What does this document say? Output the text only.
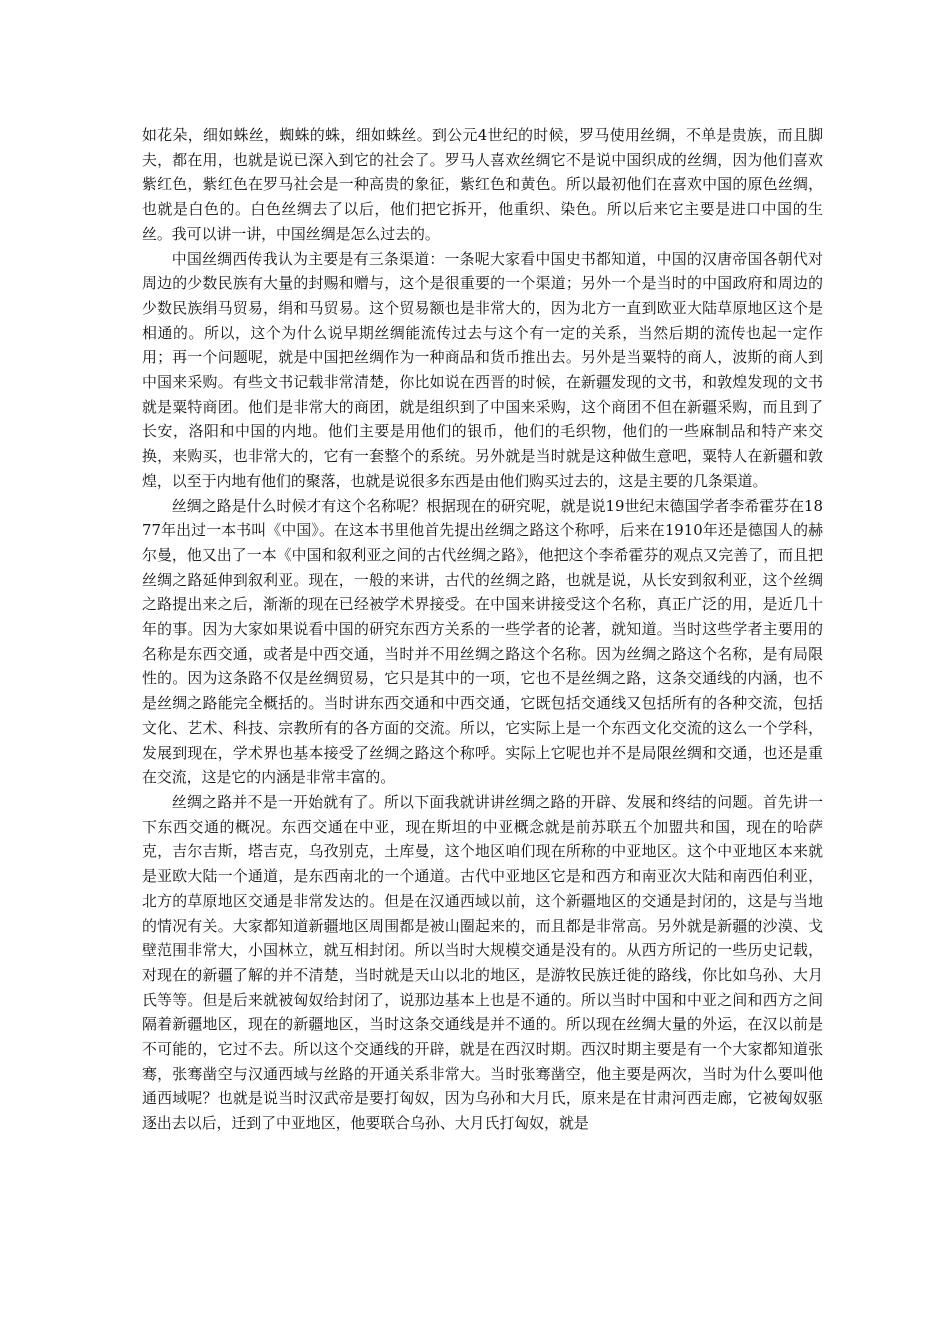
如花朵，细如蛛丝，蜘蛛的蛛，细如蛛丝。到公元4世纪的时候，罗马使用丝绸，不单是贵族，而且脚夫，都在用，也就是说已深入到它的社会了。罗马人喜欢丝绸它不是说中国织成的丝绸，因为他们喜欢紫红色，紫红色在罗马社会是一种高贵的象征，紫红色和黄色。所以最初他们在喜欢中国的原色丝绸，也就是白色的。白色丝绸去了以后，他们把它拆开，他重织、染色。所以后来它主要是进口中国的生丝。我可以讲一讲，中国丝绸是怎么过去的。

中国丝绸西传我认为主要是有三条渠道：一条呢大家看中国史书都知道，中国的汉唐帝国各朝代对周边的少数民族有大量的封赐和赠与，这个是很重要的一个渠道；另外一个是当时的中国政府和周边的少数民族绢马贸易，绢和马贸易。这个贸易额也是非常大的，因为北方一直到欧亚大陆草原地区这个是相通的。所以，这个为什么说早期丝绸能流传过去与这个有一定的关系，当然后期的流传也起一定作用；再一个问题呢，就是中国把丝绸作为一种商品和货币推出去。另外是当粟特的商人，波斯的商人到中国来采购。有些文书记载非常清楚，你比如说在西晋的时候，在新疆发现的文书，和敦煌发现的文书就是粟特商团。他们是非常大的商团，就是组织到了中国来采购，这个商团不但在新疆采购，而且到了长安，洛阳和中国的内地。他们主要是用他们的银币，他们的毛织物，他们的一些麻制品和特产来交换，来购买，也非常大的，它有一套整个的系统。另外就是当时就是这种做生意吧，粟特人在新疆和敦煌，以至于内地有他们的聚落，也就是说很多东西是由他们购买过去的，这是主要的几条渠道。

丝绸之路是什么时候才有这个名称呢？根据现在的研究呢，就是说19世纪末德国学者李希霍芬在1877年出过一本书叫《中国》。在这本书里他首先提出丝绸之路这个称呼，后来在1910年还是德国人的赫尔曼，他又出了一本《中国和叙利亚之间的古代丝绸之路》，他把这个李希霍芬的观点又完善了，而且把丝绸之路延伸到叙利亚。现在，一般的来讲，古代的丝绸之路，也就是说，从长安到叙利亚，这个丝绸之路提出来之后，渐渐的现在已经被学术界接受。在中国来讲接受这个名称，真正广泛的用，是近几十年的事。因为大家如果说看中国的研究东西方关系的一些学者的论著，就知道。当时这些学者主要用的名称是东西交通，或者是中西交通，当时并不用丝绸之路这个名称。因为丝绸之路这个名称，是有局限性的。因为这条路不仅是丝绸贸易，它只是其中的一项，它也不是丝绸之路，这条交通线的内涵，也不是丝绸之路能完全概括的。当时讲东西交通和中西交通，它既包括交通线又包括所有的各种交流，包括文化、艺术、科技、宗教所有的各方面的交流。所以，它实际上是一个东西文化交流的这么一个学科，发展到现在，学术界也基本接受了丝绸之路这个称呼。实际上它呢也并不是局限丝绸和交通，也还是重在交流，这是它的内涵是非常丰富的。

丝绸之路并不是一开始就有了。所以下面我就讲讲丝绸之路的开辟、发展和终结的问题。首先讲一下东西交通的概况。东西交通在中亚，现在斯坦的中亚概念就是前苏联五个加盟共和国，现在的哈萨克，吉尔吉斯，塔吉克，乌孜别克，土库曼，这个地区咱们现在所称的中亚地区。这个中亚地区本来就是亚欧大陆一个通道，是东西南北的一个通道。古代中亚地区它是和西方和南亚次大陆和南西伯利亚，北方的草原地区交通是非常发达的。但是在汉通西域以前，这个新疆地区的交通是封闭的，这是与当地的情况有关。大家都知道新疆地区周围都是被山圈起来的，而且都是非常高。另外就是新疆的沙漠、戈壁范围非常大，小国林立，就互相封闭。所以当时大规模交通是没有的。从西方所记的一些历史记载，对现在的新疆了解的并不清楚，当时就是天山以北的地区，是游牧民族迁徙的路线，你比如乌孙、大月氏等等。但是后来就被匈奴给封闭了，说那边基本上也是不通的。所以当时中国和中亚之间和西方之间隔着新疆地区，现在的新疆地区，当时这条交通线是并不通的。所以现在丝绸大量的外运，在汉以前是不可能的，它过不去。所以这个交通线的开辟，就是在西汉时期。西汉时期主要是有一个大家都知道张骞，张骞凿空与汉通西域与丝路的开通关系非常大。当时张骞凿空，他主要是两次，当时为什么要叫他通西域呢？也就是说当时汉武帝是要打匈奴，因为乌孙和大月氏，原来是在甘肃河西走廊，它被匈奴驱逐出去以后，迁到了中亚地区，他要联合乌孙、大月氏打匈奴，就是
